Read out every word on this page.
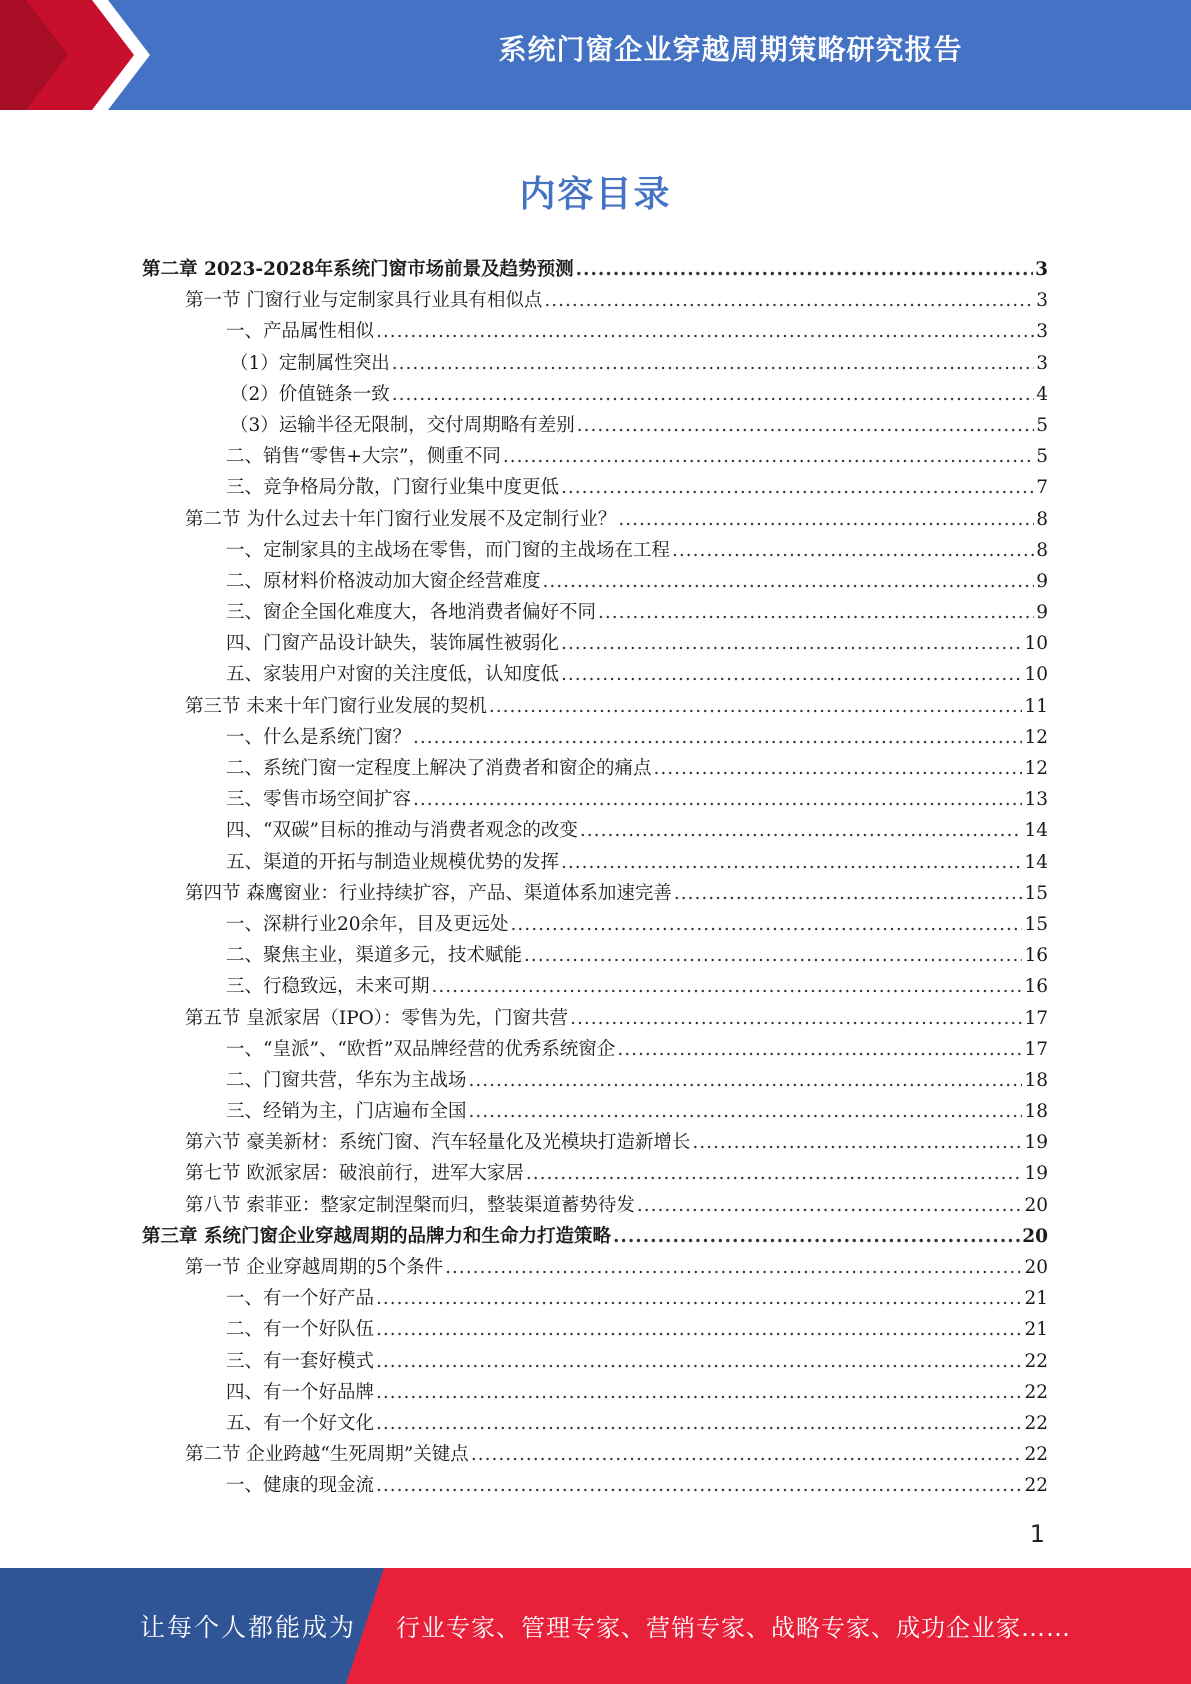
系统门窗企业穿越周期策略研究报告
内容目录
第二章 2023-2028年系统门窗市场前景及趋势预测 .....	3
第一节 门窗行业与定制家具行业具有相似点 .....	3
一、产品属性相似 .....	3
（1）定制属性突出 .....	3
（2）价值链条一致 .....	4
（3）运输半径无限制，交付周期略有差别 .....	5
二、销售“零售+大宗”，侧重不同 .....	5
三、竞争格局分散，门窗行业集中度更低 .....	7
第二节 为什么过去十年门窗行业发展不及定制行业？ .....	8
一、定制家具的主战场在零售，而门窗的主战场在工程 .....	8
二、原材料价格波动加大窗企经营难度 .....	9
三、窗企全国化难度大，各地消费者偏好不同 .....	9
四、门窗产品设计缺失，装饰属性被弱化 .....	10
五、家装用户对窗的关注度低，认知度低 .....	10
第三节 未来十年门窗行业发展的契机 .....	11
一、什么是系统门窗？ .....	12
二、系统门窗一定程度上解决了消费者和窗企的痛点 .....	12
三、零售市场空间扩容 .....	13
四、“双碳”目标的推动与消费者观念的改变 .....	14
五、渠道的开拓与制造业规模优势的发挥 .....	14
第四节 森鹰窗业：行业持续扩容，产品、渠道体系加速完善 .....	15
一、深耕行业20余年，目及更远处 .....	15
二、聚焦主业，渠道多元，技术赋能 .....	16
三、行稳致远，未来可期 .....	16
第五节 皇派家居（IPO）：零售为先，门窗共营 .....	17
一、“皇派”、“欧哲”双品牌经营的优秀系统窗企 .....	17
二、门窗共营，华东为主战场 .....	18
三、经销为主，门店遍布全国 .....	18
第六节 豪美新材：系统门窗、汽车轻量化及光模块打造新增长 .....	19
第七节 欧派家居：破浪前行，进军大家居 .....	19
第八节 索菲亚：整家定制涅槃而归，整装渠道蓄势待发 .....	20
第三章 系统门窗企业穿越周期的品牌力和生命力打造策略 .....	20
第一节 企业穿越周期的5个条件 .....	20
一、有一个好产品 .....	21
二、有一个好队伍 .....	21
三、有一套好模式 .....	22
四、有一个好品牌 .....	22
五、有一个好文化 .....	22
第二节 企业跨越“生死周期”关键点 .....	22
一、健康的现金流 .....	22
1
让每个人都能成为 行业专家、管理专家、营销专家、战略专家、成功企业家……
